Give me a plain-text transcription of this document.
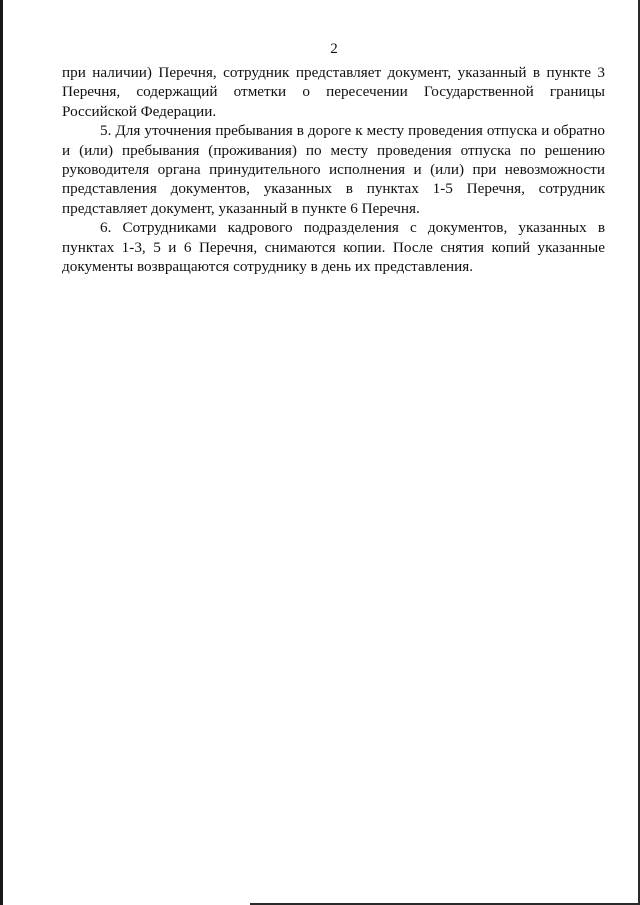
2

при наличии) Перечня, сотрудник представляет документ, указанный в пункте 3 Перечня, содержащий отметки о пересечении Государственной границы Российской Федерации.

5. Для уточнения пребывания в дороге к месту проведения отпуска и обратно и (или) пребывания (проживания) по месту проведения отпуска по решению руководителя органа принудительного исполнения и (или) при невозможности представления документов, указанных в пунктах 1-5 Перечня, сотрудник представляет документ, указанный в пункте 6 Перечня.

6. Сотрудниками кадрового подразделения с документов, указанных в пунктах 1-3, 5 и 6 Перечня, снимаются копии. После снятия копий указанные документы возвращаются сотруднику в день их представления.
